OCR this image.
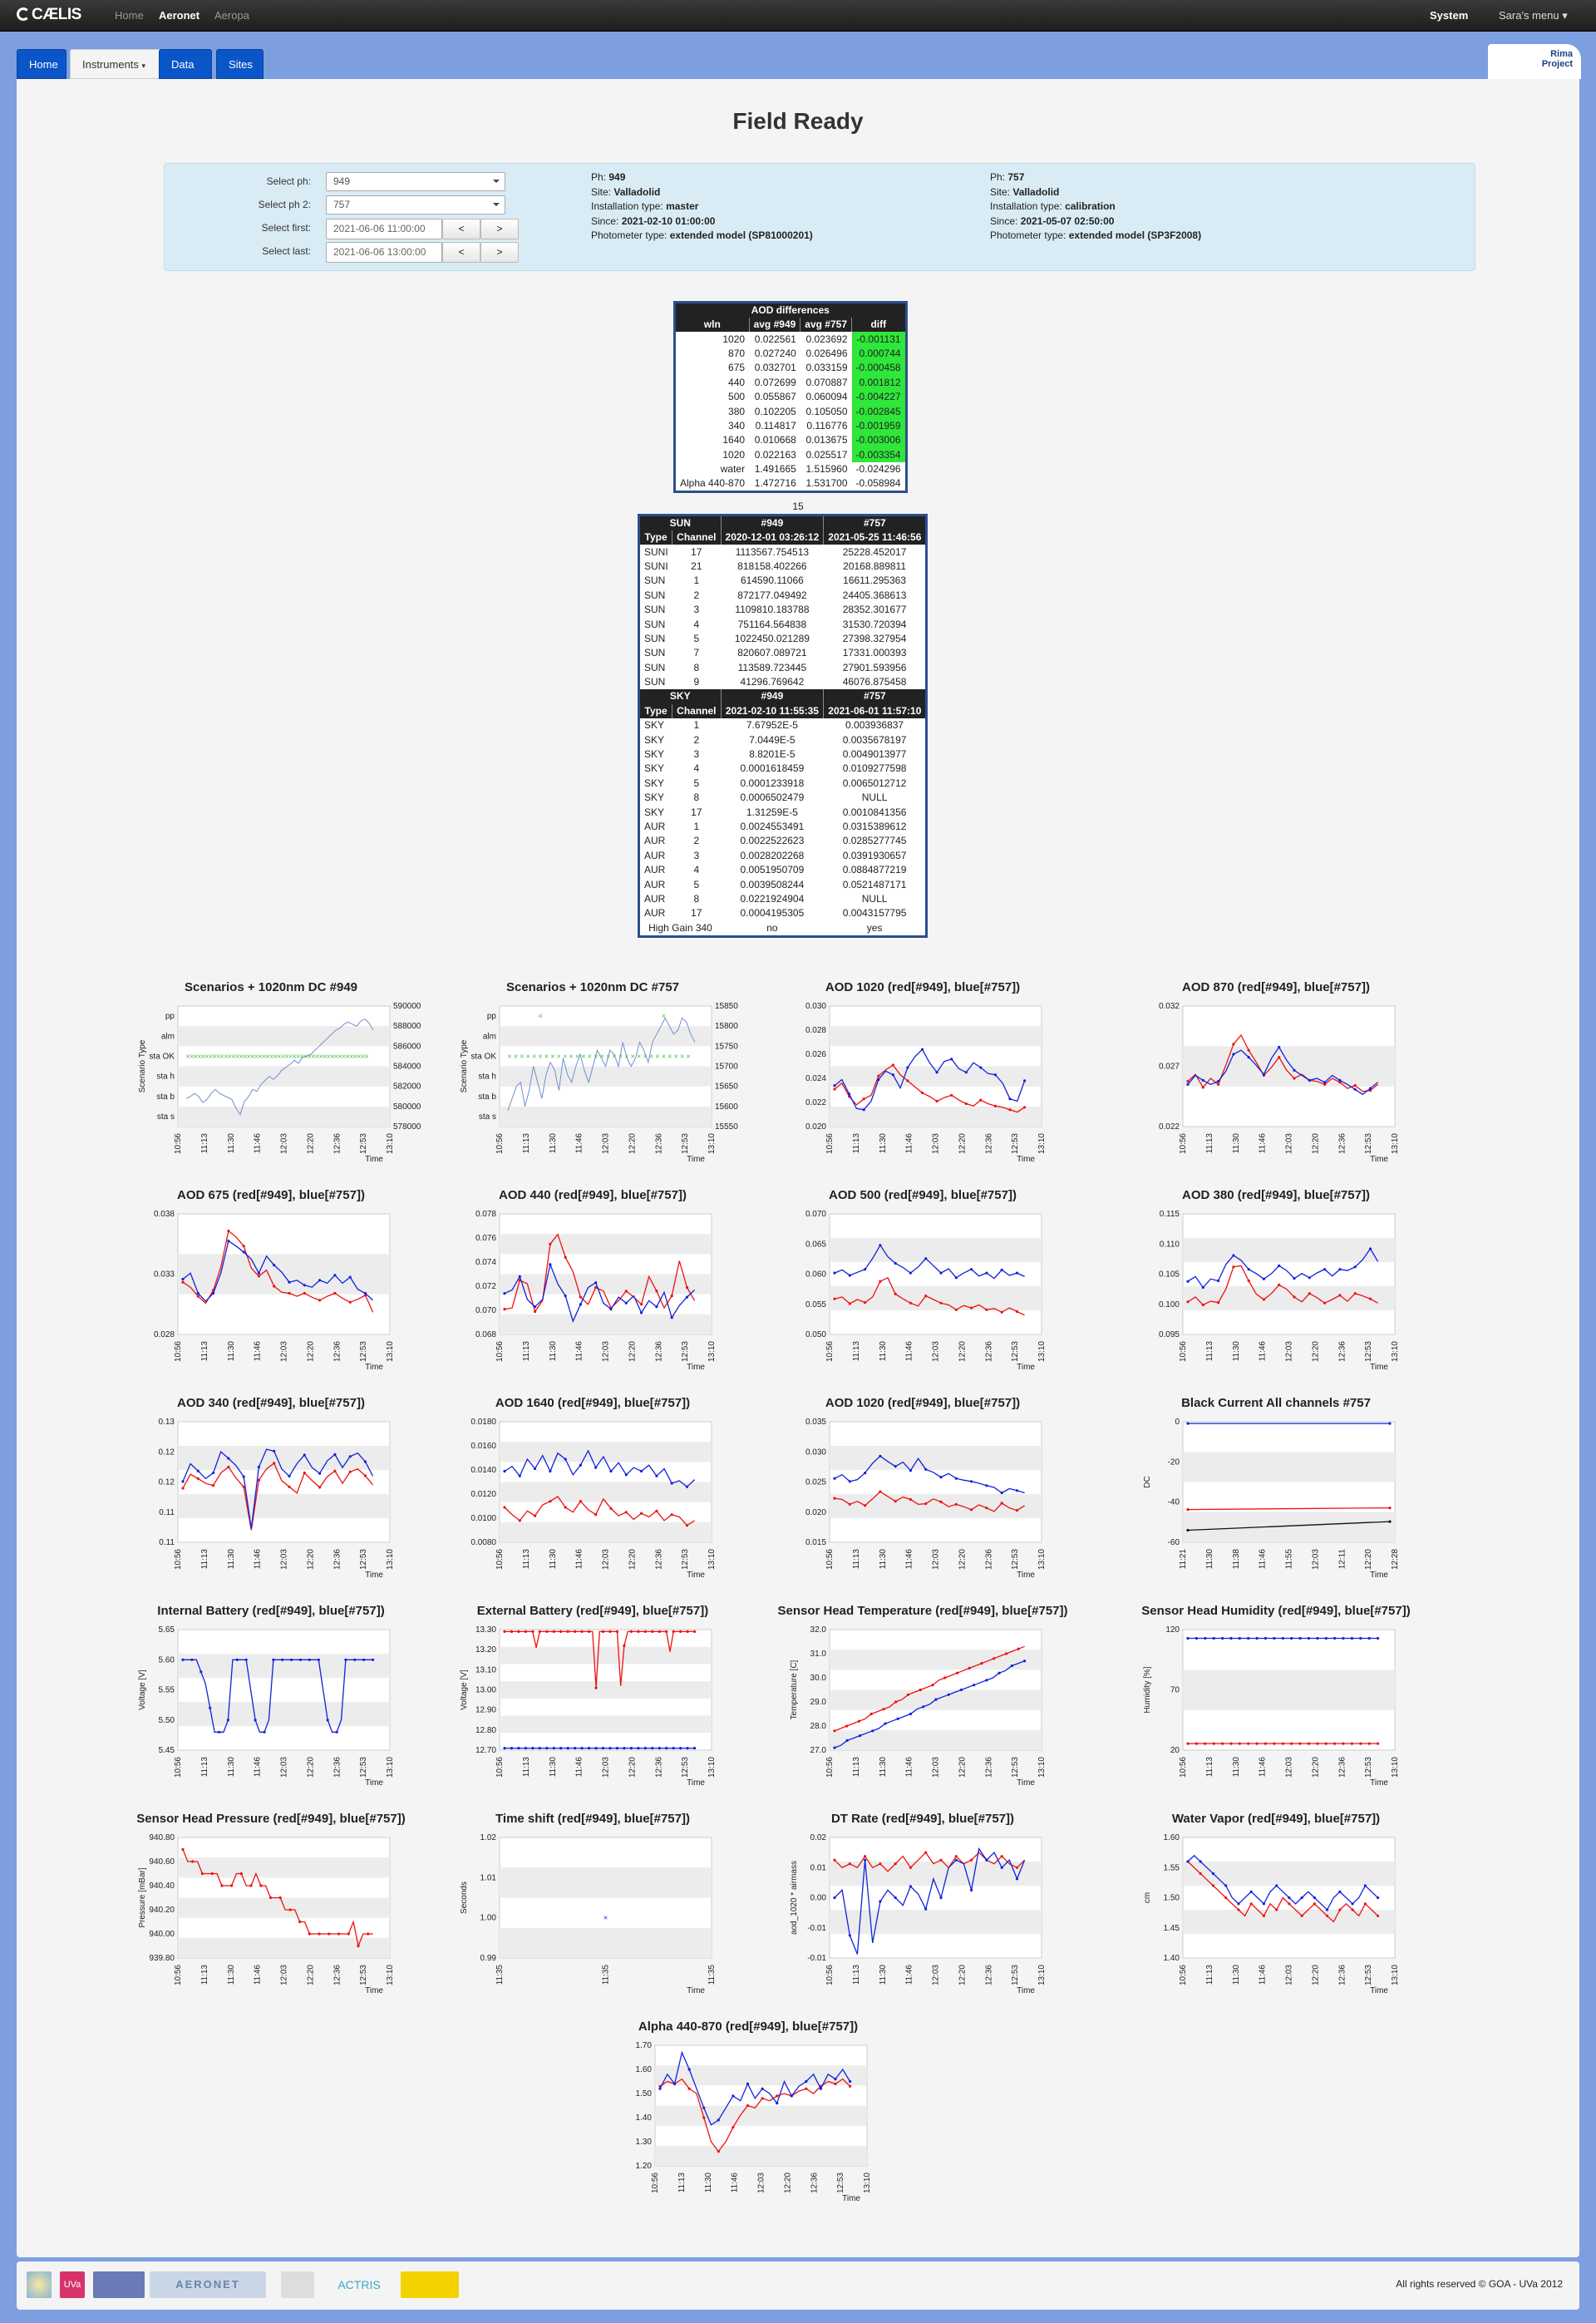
CÆLIS	Home Aeronet Aeropa	System	Sara's menu ▾
Home	Instruments ▾	Data	Sites
Rima
Project
Field Ready
Select ph:	949
Select ph 2:	757
Select first:	2021-06-06 11:00:00	<	>
Select last:	2021-06-06 13:00:00	<	>
Ph: 949
Site: Valladolid
Installation type: master
Since: 2021-02-10 01:00:00
Photometer type: extended model (SP81000201)
Ph: 757
Site: Valladolid
Installation type: calibration
Since: 2021-05-07 02:50:00
Photometer type: extended model (SP3F2008)
AOD differences			
wln	avg #949	avg #757	diff
1020	0.022561	0.023692	-0.001131
870	0.027240	0.026496	0.000744
675	0.032701	0.033159	-0.000458
440	0.072699	0.070887	0.001812
500	0.055867	0.060094	-0.004227
380	0.102205	0.105050	-0.002845
340	0.114817	0.116776	-0.001959
1640	0.010668	0.013675	-0.003006
1020	0.022163	0.025517	-0.003354
water	1.491665	1.515960	-0.024296
Alpha 440-870	1.472716	1.531700	-0.058984
15
SUN		#949	#757
Type	Channel	2020-12-01 03:26:12	2021-05-25 11:46:56
SUNI	17	1113567.754513	25228.452017
SUNI	21	818158.402266	20168.889811
SUN	1	614590.11066	16611.295363
SUN	2	872177.049492	24405.368613
SUN	3	1109810.183788	28352.301677
SUN	4	751164.564838	31530.720394
SUN	5	1022450.021289	27398.327954
SUN	7	820607.089721	17331.000393
SUN	8	113589.723445	27901.593956
SUN	9	41296.769642	46076.875458
SKY		#949	#757
Type	Channel	2021-02-10 11:55:35	2021-06-01 11:57:10
SKY	1	7.67952E-5	0.003936837
SKY	2	7.0449E-5	0.0035678197
SKY	3	8.8201E-5	0.0049013977
SKY	4	0.0001618459	0.0109277598
SKY	5	0.0001233918	0.0065012712
SKY	8	0.0006502479	NULL
SKY	17	1.31259E-5	0.0010841356
AUR	1	0.0024553491	0.0315389612
AUR	2	0.0022522623	0.0285277745
AUR	3	0.0028202268	0.0391930657
AUR	4	0.0051950709	0.0884877219
AUR	5	0.0039508244	0.0521487171
AUR	8	0.0221924904	NULL
AUR	17	0.0004195305	0.0043157795
High Gain 340		no	yes
Scenarios + 1020nm DC #949
10:56 11:13 11:30 11:46 12:03 12:20 12:36 12:53 13:10
Time
Scenario Type
sta s
sta b
sta h
sta OK
alm
pp
590000
588000
586000
584000
582000
580000
578000
× × × × × × × × × × × × × × × × × × × × × × × × × × × × × × × × × × × × × × × × × × × × × × × ×
Scenarios + 1020nm DC #757
10:56 11:13 11:30 11:46 12:03 12:20 12:36 12:53 13:10
Time
Scenario Type
sta s
sta b
sta h
sta OK
alm
pp
15850
15800
15750
15700
15650
15600
15550
× × × × × × × × × × × × × × × × × × × × × × × × × × × × × ×
×	×
AOD 1020 (red[#949], blue[#757])
10:56 11:13 11:30 11:46 12:03 12:20 12:36 12:53 13:10
Time
0.030
0.028
0.026
0.024
0.022
0.020
AOD 870 (red[#949], blue[#757])
10:56 11:13 11:30 11:46 12:03 12:20 12:36 12:53 13:10
Time
0.032
0.027
0.022
AOD 675 (red[#949], blue[#757])
10:56 11:13 11:30 11:46 12:03 12:20 12:36 12:53 13:10
Time
0.038
0.033
0.028
AOD 440 (red[#949], blue[#757])
10:56 11:13 11:30 11:46 12:03 12:20 12:36 12:53 13:10
Time
0.078
0.076
0.074
0.072
0.070
0.068
AOD 500 (red[#949], blue[#757])
10:56 11:13 11:30 11:46 12:03 12:20 12:36 12:53 13:10
Time
0.070
0.065
0.060
0.055
0.050
AOD 380 (red[#949], blue[#757])
10:56 11:13 11:30 11:46 12:03 12:20 12:36 12:53 13:10
Time
0.115
0.110
0.105
0.100
0.095
AOD 340 (red[#949], blue[#757])
10:56 11:13 11:30 11:46 12:03 12:20 12:36 12:53 13:10
Time
0.13
0.12
0.12
0.11
0.11
AOD 1640 (red[#949], blue[#757])
10:56 11:13 11:30 11:46 12:03 12:20 12:36 12:53 13:10
Time
0.0180
0.0160
0.0140
0.0120
0.0100
0.0080
AOD 1020 (red[#949], blue[#757])
10:56 11:13 11:30 11:46 12:03 12:20 12:36 12:53 13:10
Time
0.035
0.030
0.025
0.020
0.015
Black Current All channels #757
11:21 11:30 11:38 11:46 11:55 12:03 12:11 12:20 12:28
Time
DC
0
-20
-40
-60
Internal Battery (red[#949], blue[#757])
10:56 11:13 11:30 11:46 12:03 12:20 12:36 12:53 13:10
Time
Voltage [V]
5.65
5.60
5.55
5.50
5.45
External Battery (red[#949], blue[#757])
10:56 11:13 11:30 11:46 12:03 12:20 12:36 12:53 13:10
Time
Voltage [V]
13.30
13.20
13.10
13.00
12.90
12.80
12.70
Sensor Head Temperature (red[#949], blue[#757])
10:56 11:13 11:30 11:46 12:03 12:20 12:36 12:53 13:10
Time
Temperature [C]
32.0
31.0
30.0
29.0
28.0
27.0
Sensor Head Humidity (red[#949], blue[#757])
10:56 11:13 11:30 11:46 12:03 12:20 12:36 12:53 13:10
Time
Humidity [%]
120
70
20
Sensor Head Pressure (red[#949], blue[#757])
10:56 11:13 11:30 11:46 12:03 12:20 12:36 12:53 13:10
Time
Pressure [mBar]
940.80
940.60
940.40
940.20
940.00
939.80
Time shift (red[#949], blue[#757])
11:35	11:35	11:35
Time
Seconds
1.02
1.01
1.00
0.99
×
DT Rate (red[#949], blue[#757])
10:56 11:13 11:30 11:46 12:03 12:20 12:36 12:53 13:10
Time
aod_1020 * airmass
0.02
0.01
0.00
-0.01
-0.01
Water Vapor (red[#949], blue[#757])
10:56 11:13 11:30 11:46 12:03 12:20 12:36 12:53 13:10
Time
cm
1.60
1.55
1.50
1.45
1.40
Alpha 440-870 (red[#949], blue[#757])
10:56 11:13 11:30 11:46 12:03 12:20 12:36 12:53 13:10
Time
1.70
1.60
1.50
1.40
1.30
1.20
UVa	AERONET	ACTRIS	All rights reserved © GOA - UVa 2012
